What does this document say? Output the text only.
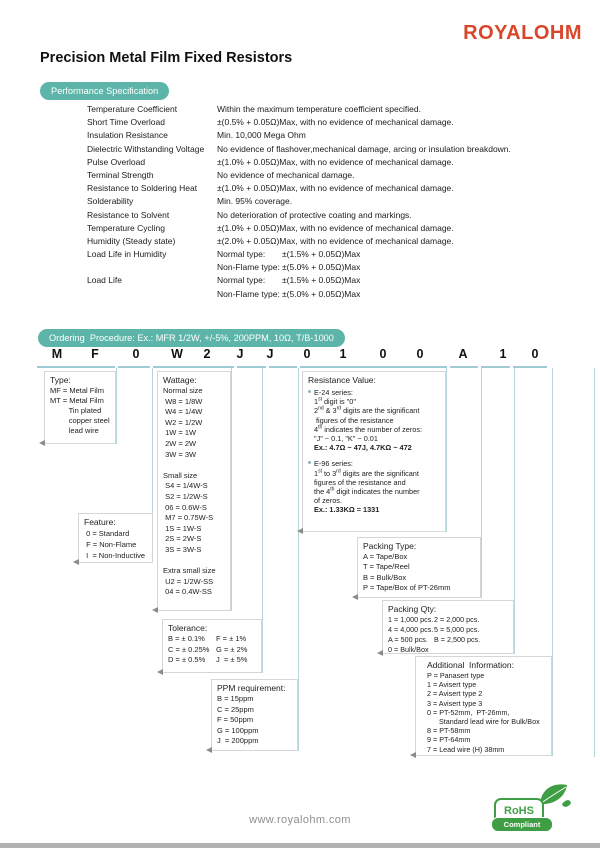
ROYALOHM
Precision Metal Film Fixed Resistors
Performance Specification
Temperature Coefficient	Within the maximum temperature coefficient specified.
Short Time Overload	±(0.5% + 0.05Ω)Max, with no evidence of mechanical damage.
Insulation Resistance	Min. 10,000 Mega Ohm
Dielectric Withstanding Voltage	No evidence of flashover,mechanical damage, arcing or insulation breakdown.
Pulse Overload	±(1.0% + 0.05Ω)Max, with no evidence of mechanical damage.
Terminal Strength	No evidence of mechanical damage.
Resistance to Soldering Heat	±(1.0% + 0.05Ω)Max, with no evidence of mechanical damage.
Solderability	Min. 95% coverage.
Resistance to Solvent	No deterioration of protective coating and markings.
Temperature Cycling	±(1.0% + 0.05Ω)Max, with no evidence of mechanical damage.
Humidity (Steady state)	±(2.0% + 0.05Ω)Max, with no evidence of mechanical damage.
Load Life in Humidity	Normal type:	±(1.5% + 0.05Ω)Max
Non-Flame type: ±(5.0% + 0.05Ω)Max
Load Life	Normal type:	±(1.5% + 0.05Ω)Max
Non-Flame type: ±(5.0% + 0.05Ω)Max
Ordering  Procedure: Ex.: MFR 1/2W, +/-5%, 200PPM, 10Ω, T/B-1000
M F	0	W 2 J J 0 1	0 0	A	1 0
Type:
MF = Metal Film
MT = Metal Film
Tin plated
copper steel
lead wire
Feature:
0 = Standard
F = Non-Flame
I  = Non-Inductive
Wattage:
Normal size
W8 = 1/8W
W4 = 1/4W
W2 = 1/2W
1W = 1W
2W = 2W
3W = 3W

Small size
S4 = 1/4W-S
S2 = 1/2W-S
06 = 0.6W-S
M7 = 0.75W-S
1S = 1W-S
2S = 2W-S
3S = 3W-S

Extra small size
U2 = 1/2W-SS
04 = 0.4W-SS
Tolerance:
B = ± 0.1%	F = ± 1%
C = ± 0.25% G = ± 2%
D = ± 0.5%	J  = ± 5%
PPM requirement:
B = 15ppm
C = 25ppm
F = 50ppm
G = 100ppm
J  = 200ppm
Resistance Value:
E-24 series:
1st digit is "0"
2nd & 3rd digits are the significant
figures of the resistance
4th indicates the number of zeros:
"J" ~ 0.1, "K" ~ 0.01
Ex.: 4.7Ω ~ 47J, 4.7KΩ ~ 472
E-96 series:
1st to 3rd digits are the significant
figures of the resistance and
the 4th digit indicates the number
of zeros.
Ex.: 1.33KΩ = 1331
Packing Type:
A = Tape/Box
T = Tape/Reel
B = Bulk/Box
P = Tape/Box of PT-26mm
Packing Qty:
1 = 1,000 pcs. 2 = 2,000 pcs.
4 = 4,000 pcs. 5 = 5,000 pcs.
A = 500 pcs. B = 2,500 pcs.
0 = Bulk/Box
Additional  Information:
P = Panasert type
1 = Avisert type
2 = Avisert type 2
3 = Avisert type 3
0 = PT-52mm,  PT-26mm,
Standard lead wire for Bulk/Box
8 = PT-58mm
9 = PT-64mm
7 = Lead wire (H) 38mm
www.royalohm.com
RoHS
Compliant
